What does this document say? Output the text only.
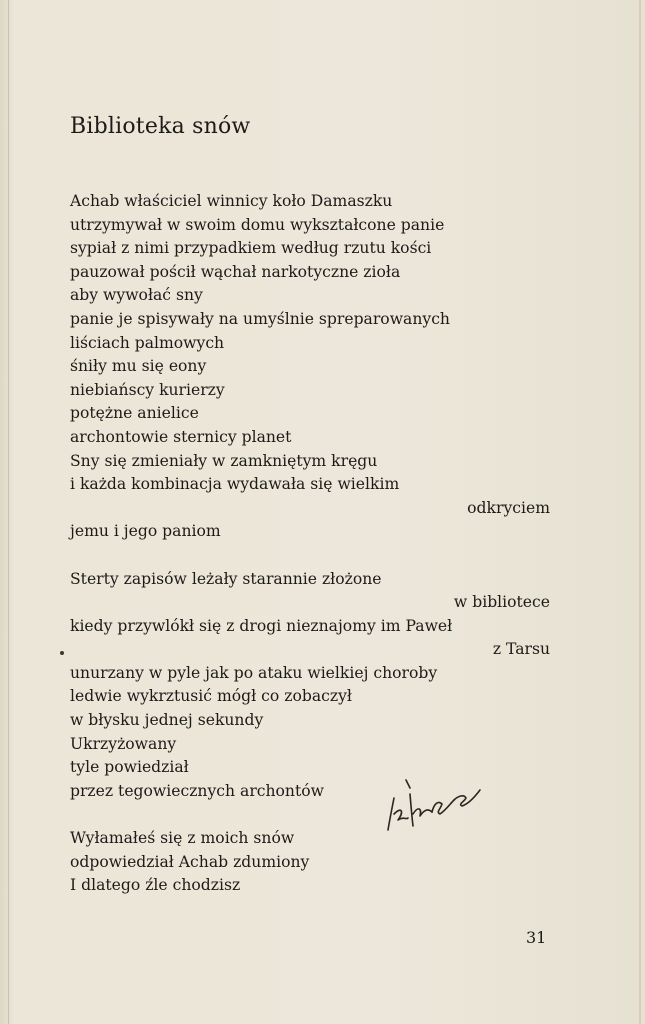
Biblioteka snów
Achab właściciel winnicy koło Damaszku
utrzymywał w swoim domu wykształcone panie
sypiał z nimi przypadkiem według rzutu kości
pauzował pościł wąchał narkotyczne zioła
aby wywołać sny
panie je spisywały na umyślnie spreparowanych
liściach palmowych
śniły mu się eony
niebiańscy kurierzy
potężne anielice
archontowie sternicy planet
Sny się zmieniały w zamkniętym kręgu
i każda kombinacja wydawała się wielkim
odkryciem
jemu i jego paniom
Sterty zapisów leżały starannie złożone
w bibliotece
kiedy przywlókł się z drogi nieznajomy im Paweł
z Tarsu
unurzany w pyle jak po ataku wielkiej choroby
ledwie wykrztusić mógł co zobaczył
w błysku jednej sekundy
Ukrzyżowany
tyle powiedział
przez tegowiecznych archontów
Wyłamałeś się z moich snów
odpowiedział Achab zdumiony
I dlatego źle chodzisz
31
